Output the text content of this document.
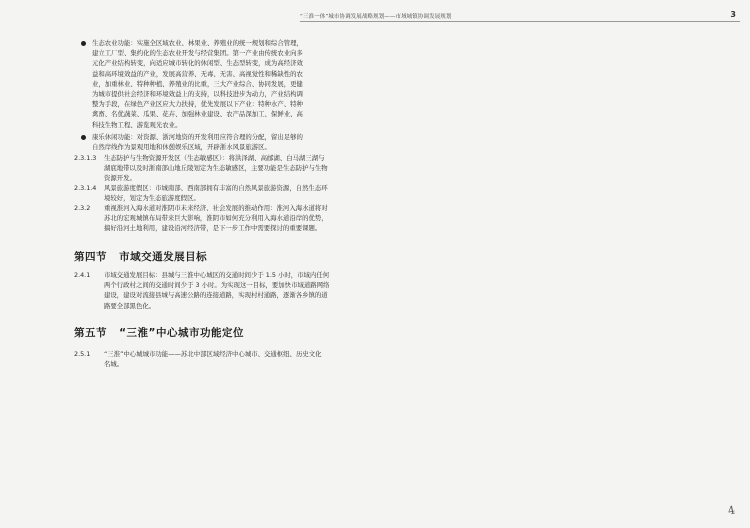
“三淮一体”城市协调发展战略规划——市域城镇协调发展规划	3
生态农业功能：实施全区域农业、林果业、养殖业的统一规划和综合管理，
建立工厂型、集约化的生态农业开发与经营集团。第一产业由传统农业向多
元化产业结构转变，向适应城市转化的休闲型、生态型转变，成为高经济效
益和高环境效益的产业，发展高营养、无毒、无害、高视觉性和稀缺性的农
业，加重林业、特种种植、养殖业的比重，三大产业综合、协同发展，更健
为城市提供社会经济和环境效益上的支持，以科技进步为动力，产业结构调
整为手段，在绿色产业区应大力扶持，优先发展以下产业：特种水产、特种
禽畜、名优蔬菜、瓜果、花卉、加强林业建设、农产品深加工、保鲜业、高
科技生物工程、游览观光农业。
康乐休闲功能：对资源、浙河地资的开发利用应符合理的分配，留出足够的
自然岸线作为景观用地和休憩娱乐区域，开辟浙水风景旅游区。
2.3.1.3	生态防护与生物资源开发区（生态敏感区）：将洪泽湖、高邮湖、白马湖三湖与
湖底地带以及时浙南部山地丘陵划定为生态敏感区，主要功能是生态防护与生物
资源开发。
2.3.1.4	风景旅游度假区：市城南部、西南部拥有丰富的自然风景旅游资源，自然生态环
境较好，划定为生态旅游度假区。
2.3.2	重视淮河入海水道对淮阴市未来经济、社会发展的推动作用：淮河入海水道将对
苏北的宏观城镇布局带来巨大影响，淮阴市如何充分利用入海水道沿岸的优势，
搞好沿河土地利用，建设沿河经济带，是下一步工作中需要探讨的重要课题。
第四节 市域交通发展目标
2.4.1	市域交通发展目标：县城与三淮中心城区的交通时间少于 1.5 小时，市域内任何
两个行政村之间的交通时间少于 3 小时。为实现这一目标，要加快市域道路网络
建设，建设对流接县城与高速公路的连接道路，实现村村通路，逐渐各乡镇的道
路要全部黑色化。
第五节 “三淮”中心城市功能定位
2.5.1	“三淮”中心城城市功能——苏北中部区域经济中心城市、交通枢纽、历史文化
名城。
4
